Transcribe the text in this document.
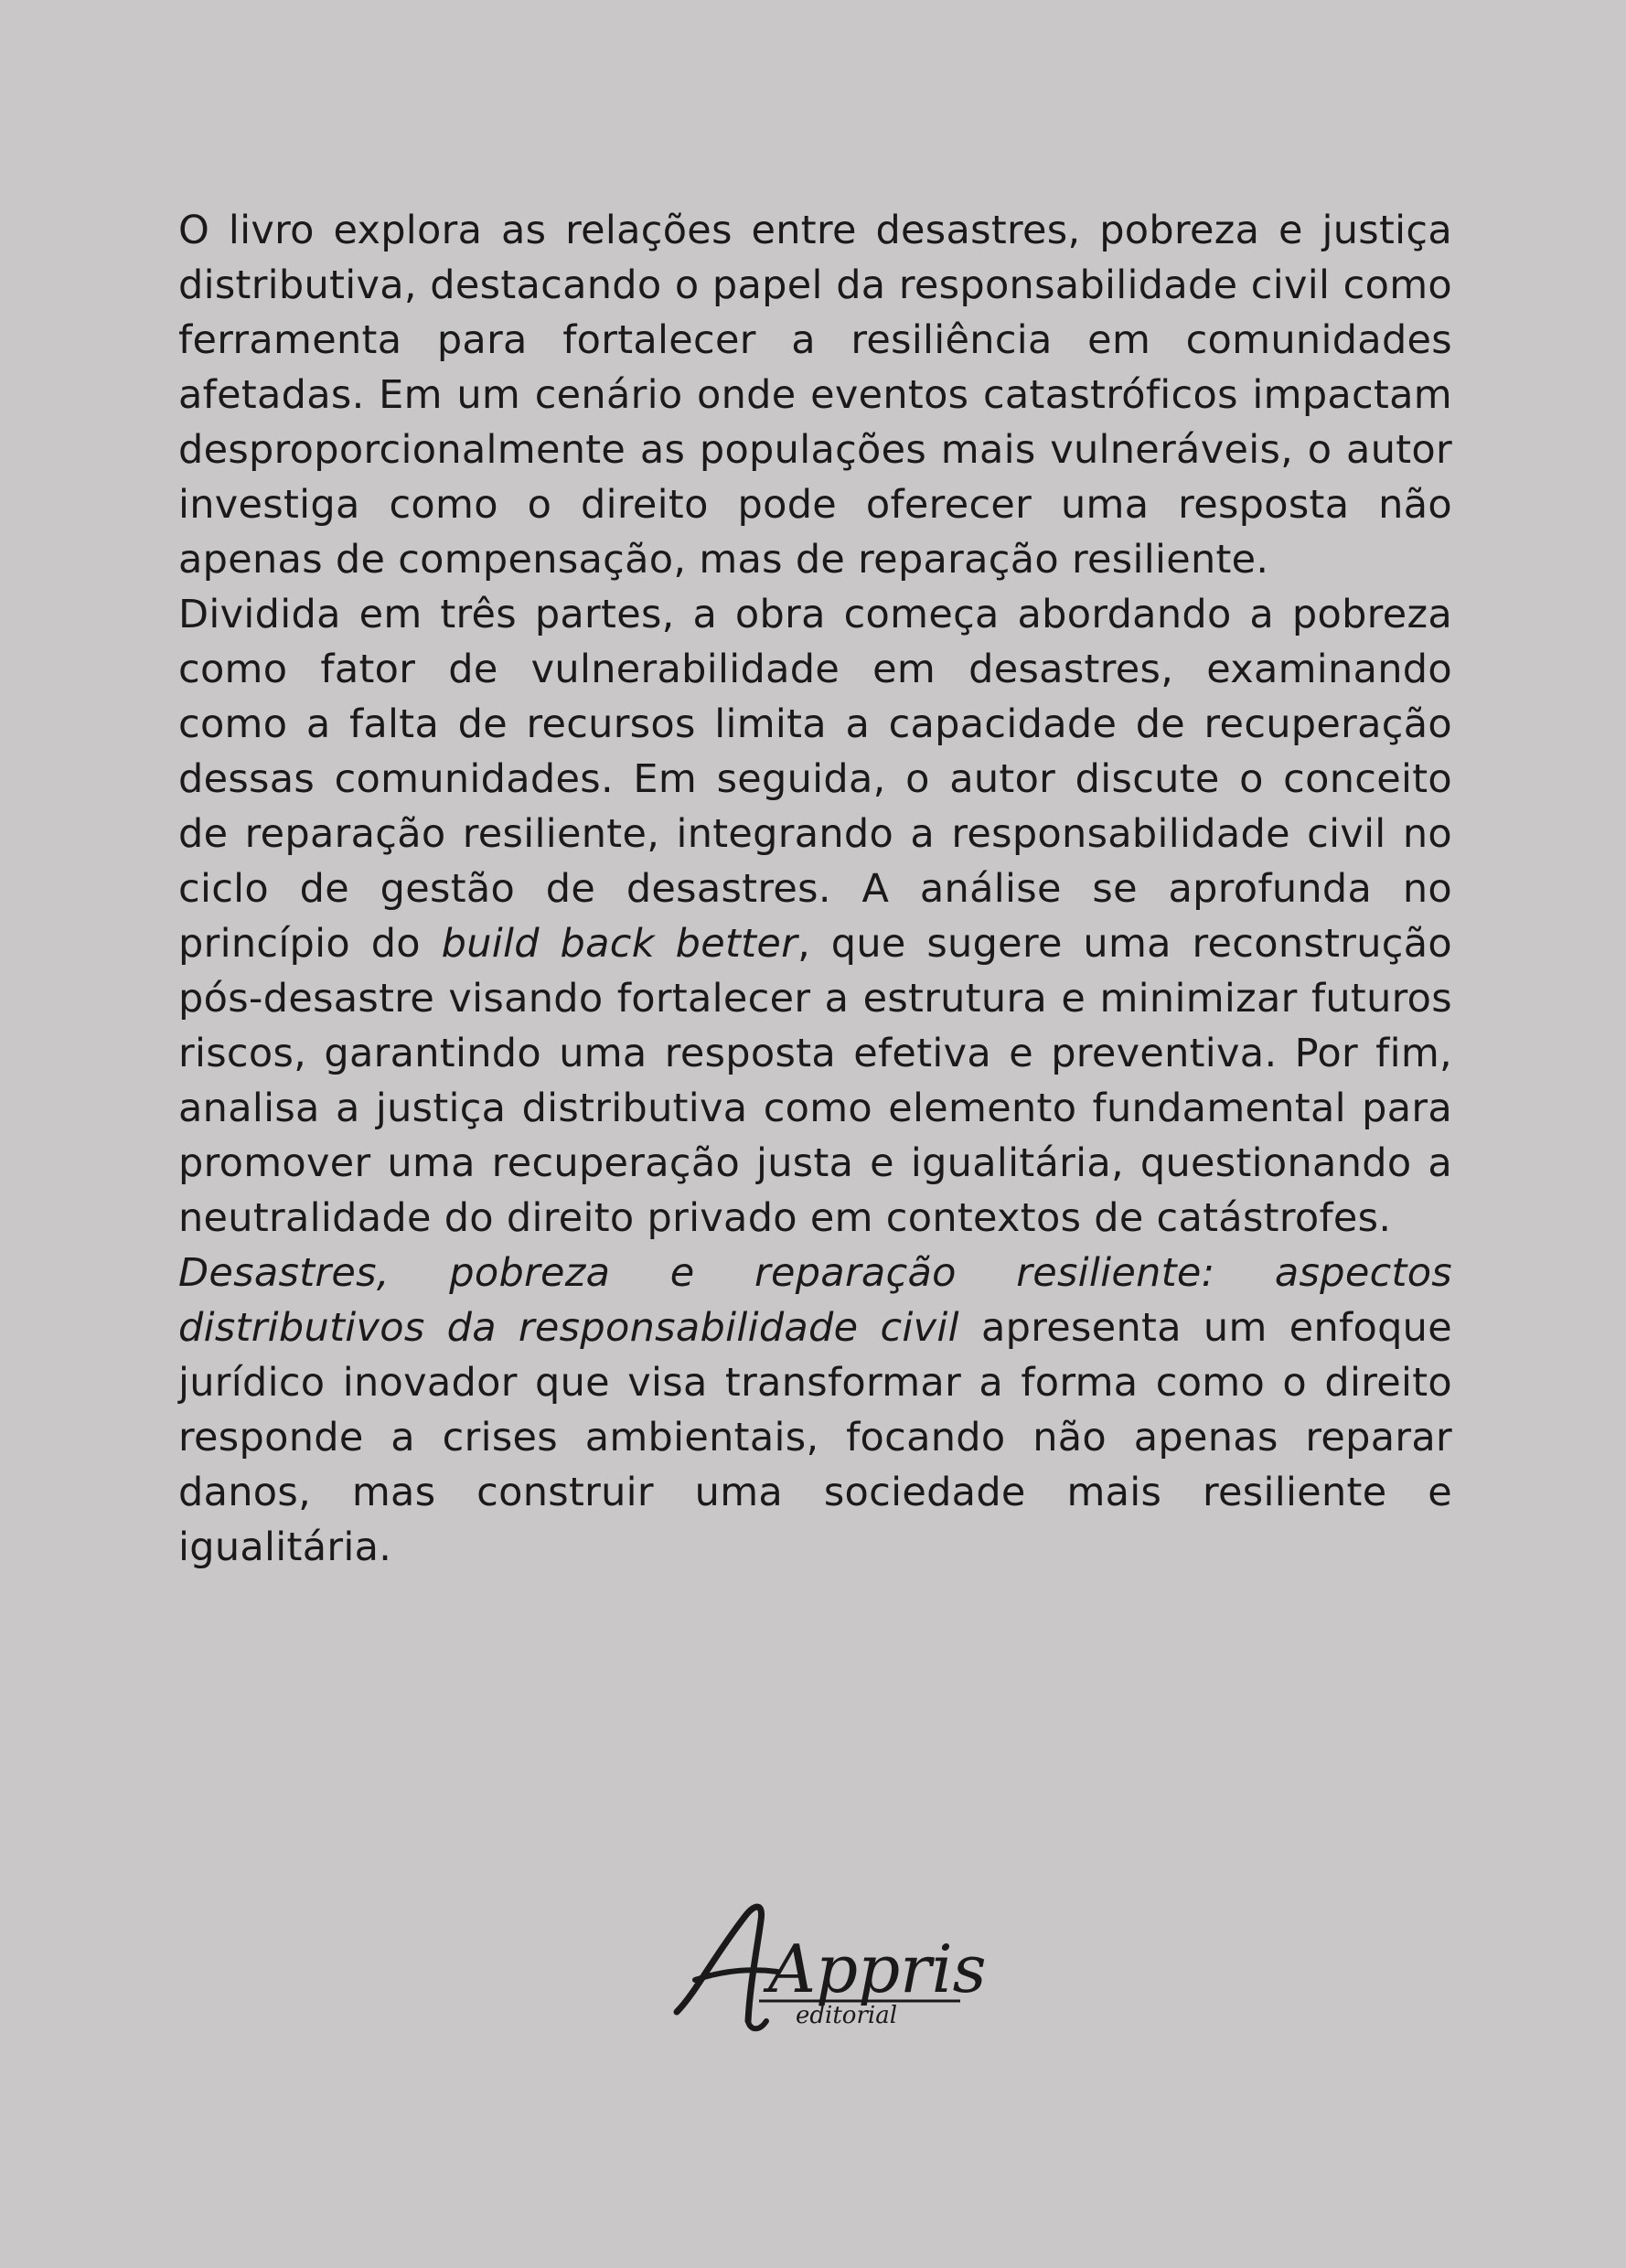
O livro explora as relações entre desastres, pobreza e justiça distributiva, destacando o papel da responsabilidade civil como ferramenta para fortalecer a resiliência em comunidades afetadas. Em um cenário onde eventos catastróficos impactam desproporcionalmente as populações mais vulneráveis, o autor investiga como o direito pode oferecer uma resposta não apenas de compensação, mas de reparação resiliente.

Dividida em três partes, a obra começa abordando a pobreza como fator de vulnerabilidade em desastres, examinando como a falta de recursos limita a capacidade de recuperação dessas comunidades. Em seguida, o autor discute o conceito de reparação resiliente, integrando a responsabilidade civil no ciclo de gestão de desastres. A análise se aprofunda no princípio do build back better, que sugere uma reconstrução pós-desastre visando fortalecer a estrutura e minimizar futuros riscos, garantindo uma resposta efetiva e preventiva. Por fim, analisa a justiça distributiva como elemento fundamental para promover uma recuperação justa e igualitária, questionando a neutralidade do direito privado em contextos de catástrofes.

Desastres, pobreza e reparação resiliente: aspectos distributivos da responsabilidade civil apresenta um enfoque jurídico inovador que visa transformar a forma como o direito responde a crises ambientais, focando não apenas reparar danos, mas construir uma sociedade mais resiliente e igualitária.

Appris
editorial
